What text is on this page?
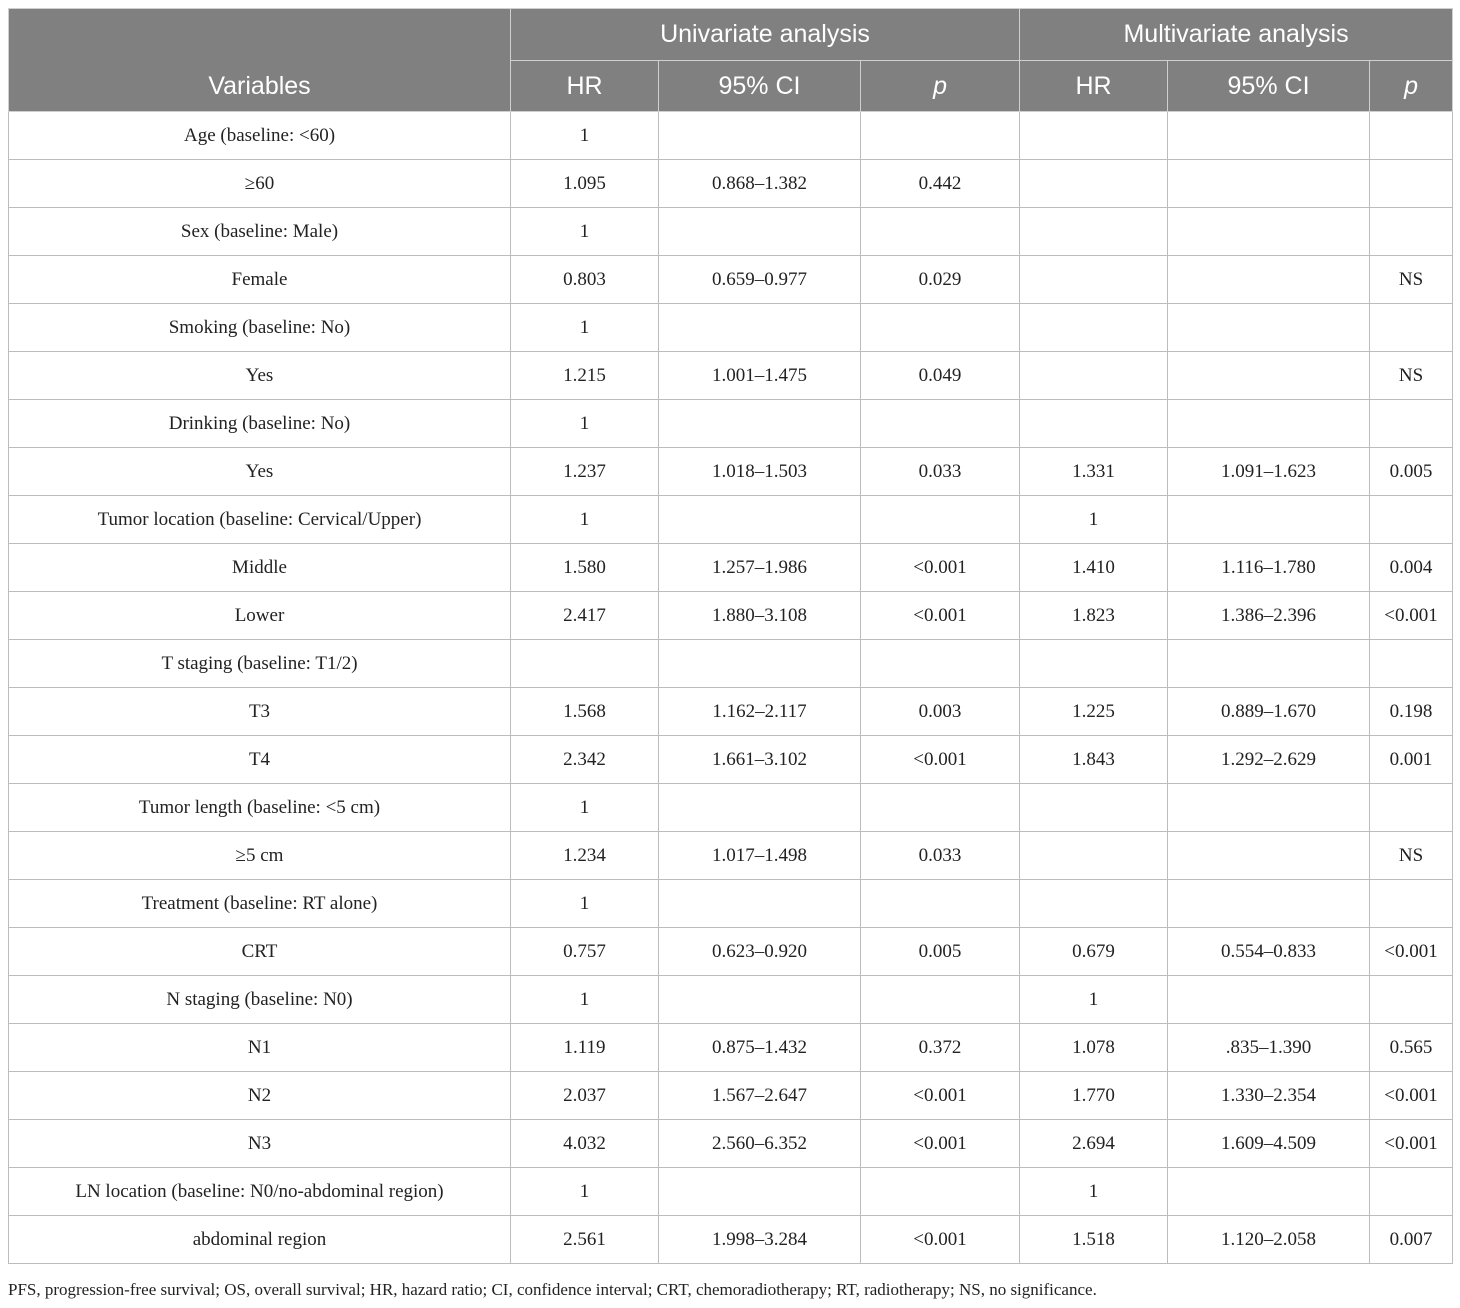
Variables	Univariate analysis			Multivariate analysis		
	HR	95% CI	p	HR	95% CI	p
Age (baseline: <60)	1					
≥60	1.095	0.868–1.382	0.442			
Sex (baseline: Male)	1					
Female	0.803	0.659–0.977	0.029			NS
Smoking (baseline: No)	1					
Yes	1.215	1.001–1.475	0.049			NS
Drinking (baseline: No)	1					
Yes	1.237	1.018–1.503	0.033	1.331	1.091–1.623	0.005
Tumor location (baseline: Cervical/Upper)	1			1		
Middle	1.580	1.257–1.986	<0.001	1.410	1.116–1.780	0.004
Lower	2.417	1.880–3.108	<0.001	1.823	1.386–2.396	<0.001
T staging (baseline: T1/2)						
T3	1.568	1.162–2.117	0.003	1.225	0.889–1.670	0.198
T4	2.342	1.661–3.102	<0.001	1.843	1.292–2.629	0.001
Tumor length (baseline: <5 cm)	1					
≥5 cm	1.234	1.017–1.498	0.033			NS
Treatment (baseline: RT alone)	1					
CRT	0.757	0.623–0.920	0.005	0.679	0.554–0.833	<0.001
N staging (baseline: N0)	1			1		
N1	1.119	0.875–1.432	0.372	1.078	.835–1.390	0.565
N2	2.037	1.567–2.647	<0.001	1.770	1.330–2.354	<0.001
N3	4.032	2.560–6.352	<0.001	2.694	1.609–4.509	<0.001
LN location (baseline: N0/no-abdominal region)	1			1		
abdominal region	2.561	1.998–3.284	<0.001	1.518	1.120–2.058	0.007
PFS, progression-free survival; OS, overall survival; HR, hazard ratio; CI, confidence interval; CRT, chemoradiotherapy; RT, radiotherapy; NS, no significance.
